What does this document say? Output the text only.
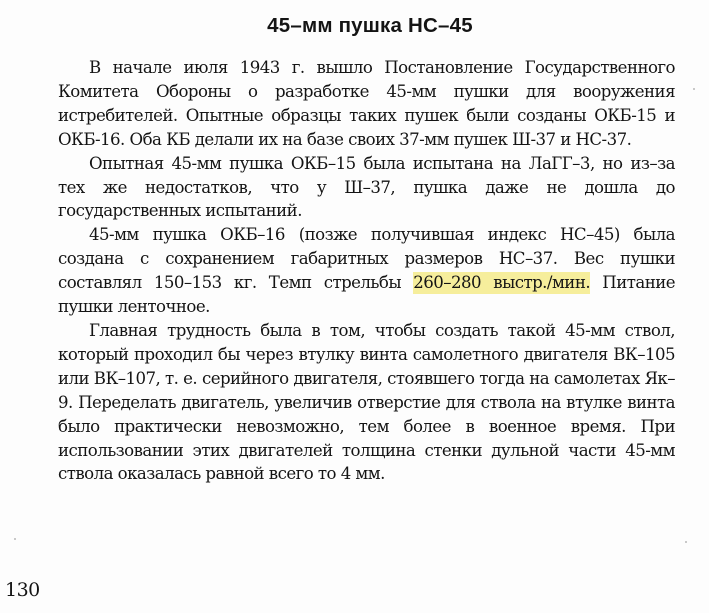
45–мм пушка НС–45

В начале июля 1943 г. вышло Постановление Государственного Комитета Обороны о разработке 45-мм пушки для вооружения истребителей. Опытные образцы таких пушек были созданы ОКБ-15 и ОКБ-16. Оба КБ делали их на базе своих 37-мм пушек Ш-37 и НС-37.

Опытная 45-мм пушка ОКБ–15 была испытана на ЛаГГ–3, но из–за тех же недостатков, что у Ш–37, пушка даже не дошла до государственных испытаний.

45-мм пушка ОКБ–16 (позже получившая индекс НС–45) была создана с сохранением габаритных размеров НС–37. Вес пушки составлял 150–153 кг. Темп стрельбы 260–280 выстр./мин. Питание пушки ленточное.

Главная трудность была в том, чтобы создать такой 45-мм ствол, который проходил бы через втулку винта самолетного двигателя ВК–105 или ВК–107, т. е. серийного двигателя, стоявшего тогда на самолетах Як–9. Переделать двигатель, увеличив отверстие для ствола на втулке винта было практически невозможно, тем более в военное время. При использовании этих двигателей толщина стенки дульной части 45-мм ствола оказалась равной всего то 4 мм.

130
